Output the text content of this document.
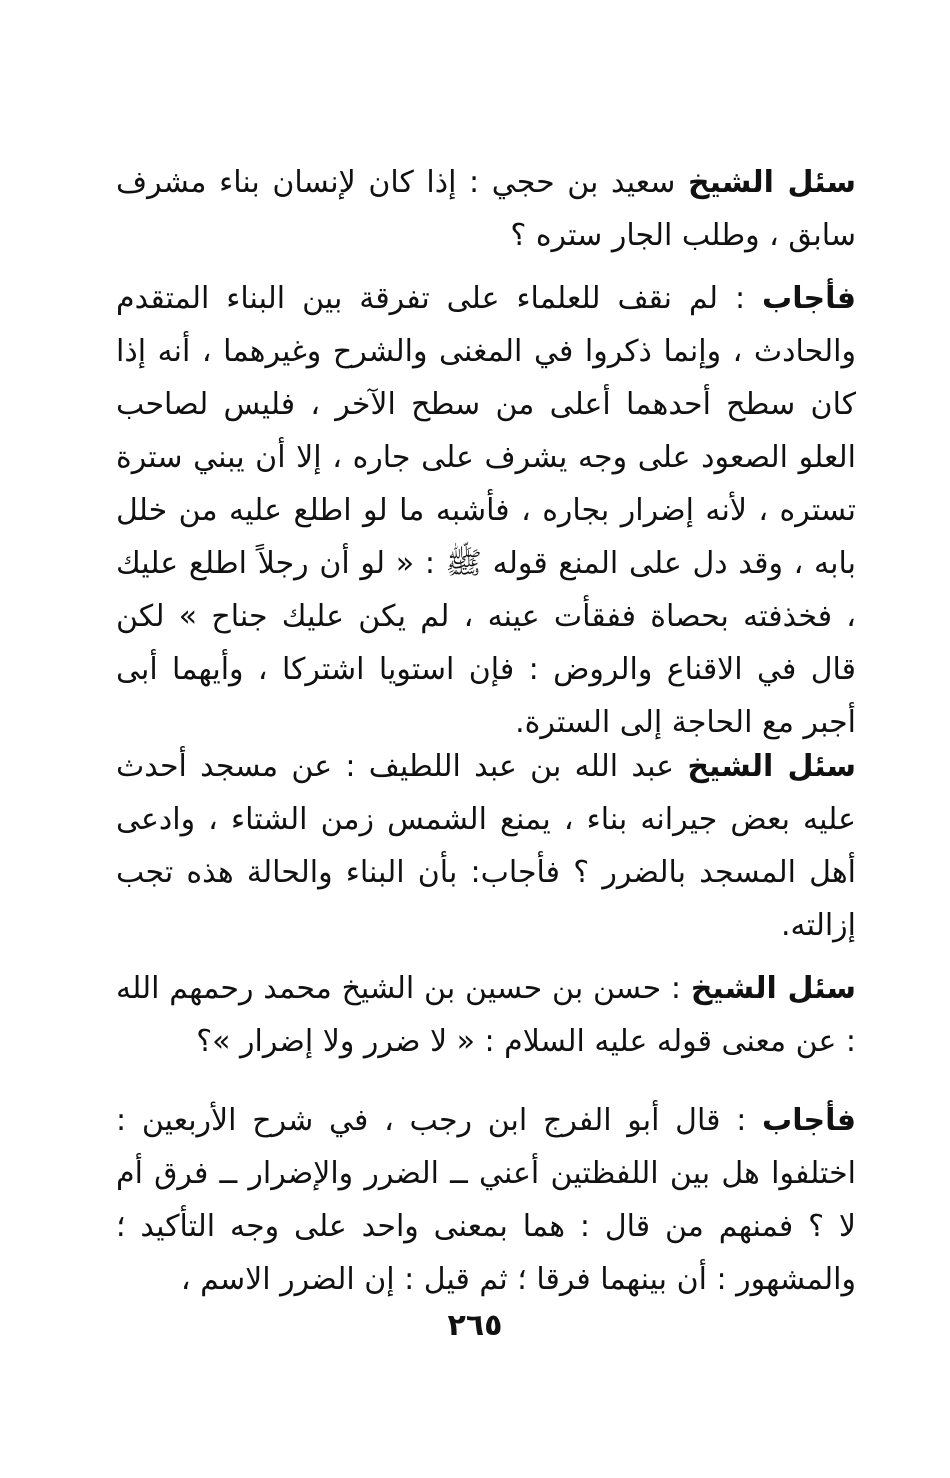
سئل الشيخ سعيد بن حجي : إذا كان لإنسان بناء مشرف سابق ، وطلب الجار ستره ؟

فأجاب : لم نقف للعلماء على تفرقة بين البناء المتقدم والحادث ، وإنما ذكروا في المغنى والشرح وغيرهما ، أنه إذا كان سطح أحدهما أعلى من سطح الآخر ، فليس لصاحب العلو الصعود على وجه يشرف على جاره ، إلا أن يبني سترة تستره ، لأنه إضرار بجاره ، فأشبه ما لو اطلع عليه من خلل بابه ، وقد دل على المنع قوله ﷺ : « لو أن رجلاً اطلع عليك ، فخذفته بحصاة ففقأت عينه ، لم يكن عليك جناح » لكن قال في الاقناع والروض : فإن استويا اشتركا ، وأيهما أبى أجبر مع الحاجة إلى السترة.

سئل الشيخ عبد الله بن عبد اللطيف : عن مسجد أحدث عليه بعض جيرانه بناء ، يمنع الشمس زمن الشتاء ، وادعى أهل المسجد بالضرر ؟ فأجاب: بأن البناء والحالة هذه تجب إزالته.

سئل الشيخ : حسن بن حسين بن الشيخ محمد رحمهم الله : عن معنى قوله عليه السلام : « لا ضرر ولا إضرار »؟

فأجاب : قال أبو الفرج ابن رجب ، في شرح الأربعين : اختلفوا هل بين اللفظتين أعني ــ الضرر والإضرار ــ فرق أم لا ؟ فمنهم من قال : هما بمعنى واحد على وجه التأكيد ؛ والمشهور : أن بينهما فرقا ؛ ثم قيل : إن الضرر الاسم ،

٢٦٥
